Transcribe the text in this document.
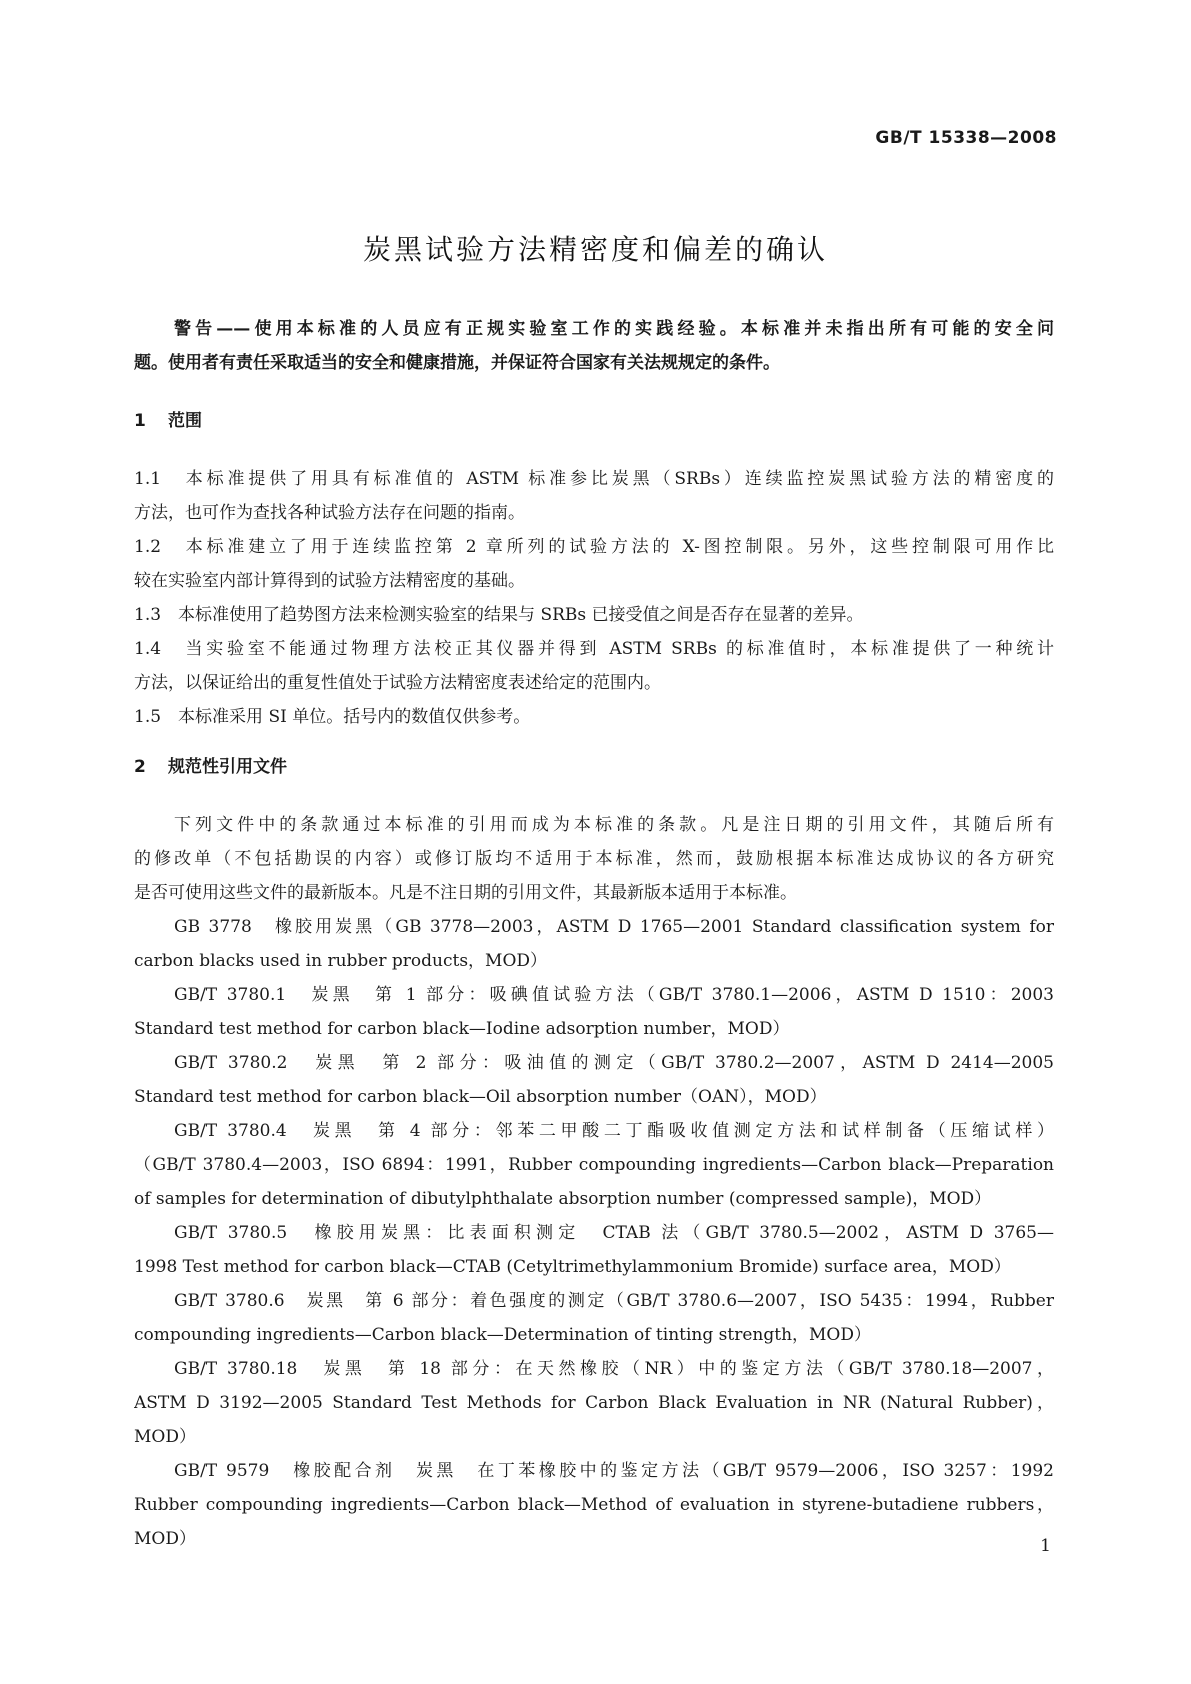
GB/T 15338—2008
炭黑试验方法精密度和偏差的确认
警告——使用本标准的人员应有正规实验室工作的实践经验。本标准并未指出所有可能的安全问
题。使用者有责任采取适当的安全和健康措施，并保证符合国家有关法规规定的条件。
1 范围
1.1　本标准提供了用具有标准值的 ASTM 标准参比炭黑（SRBs）连续监控炭黑试验方法的精密度的
方法，也可作为查找各种试验方法存在问题的指南。
1.2　本标准建立了用于连续监控第 2 章所列的试验方法的 X-图控制限。另外，这些控制限可用作比
较在实验室内部计算得到的试验方法精密度的基础。
1.3　本标准使用了趋势图方法来检测实验室的结果与 SRBs 已接受值之间是否存在显著的差异。
1.4　当实验室不能通过物理方法校正其仪器并得到 ASTM SRBs 的标准值时，本标准提供了一种统计
方法，以保证给出的重复性值处于试验方法精密度表述给定的范围内。
1.5　本标准采用 SI 单位。括号内的数值仅供参考。
2 规范性引用文件
下列文件中的条款通过本标准的引用而成为本标准的条款。凡是注日期的引用文件，其随后所有
的修改单（不包括勘误的内容）或修订版均不适用于本标准，然而，鼓励根据本标准达成协议的各方研究
是否可使用这些文件的最新版本。凡是不注日期的引用文件，其最新版本适用于本标准。
GB 3778　橡胶用炭黑（GB 3778—2003，ASTM D 1765—2001 Standard classification system for
carbon blacks used in rubber products，MOD）
GB/T 3780.1　炭黑　第 1 部分：吸碘值试验方法（GB/T 3780.1—2006，ASTM D 1510：2003
Standard test method for carbon black—Iodine adsorption number，MOD）
GB/T 3780.2　炭黑　第 2 部分：吸油值的测定（GB/T 3780.2—2007，ASTM D 2414—2005
Standard test method for carbon black—Oil absorption number（OAN），MOD）
GB/T 3780.4　炭黑　第 4 部分：邻苯二甲酸二丁酯吸收值测定方法和试样制备（压缩试样）
（GB/T 3780.4—2003，ISO 6894：1991，Rubber compounding ingredients—Carbon black—Preparation
of samples for determination of dibutylphthalate absorption number (compressed sample)，MOD）
GB/T 3780.5　橡胶用炭黑：比表面积测定　CTAB 法（GB/T 3780.5—2002，ASTM D 3765—
1998 Test method for carbon black—CTAB (Cetyltrimethylammonium Bromide) surface area，MOD）
GB/T 3780.6　炭黑　第 6 部分：着色强度的测定（GB/T 3780.6—2007，ISO 5435：1994，Rubber
compounding ingredients—Carbon black—Determination of tinting strength，MOD）
GB/T 3780.18　炭黑　第 18 部分：在天然橡胶（NR）中的鉴定方法（GB/T 3780.18—2007，
ASTM D 3192—2005 Standard Test Methods for Carbon Black Evaluation in NR (Natural Rubber)，
MOD）
GB/T 9579　橡胶配合剂　炭黑　在丁苯橡胶中的鉴定方法（GB/T 9579—2006，ISO 3257：1992
Rubber compounding ingredients—Carbon black—Method of evaluation in styrene-butadiene rubbers，
MOD）	1
